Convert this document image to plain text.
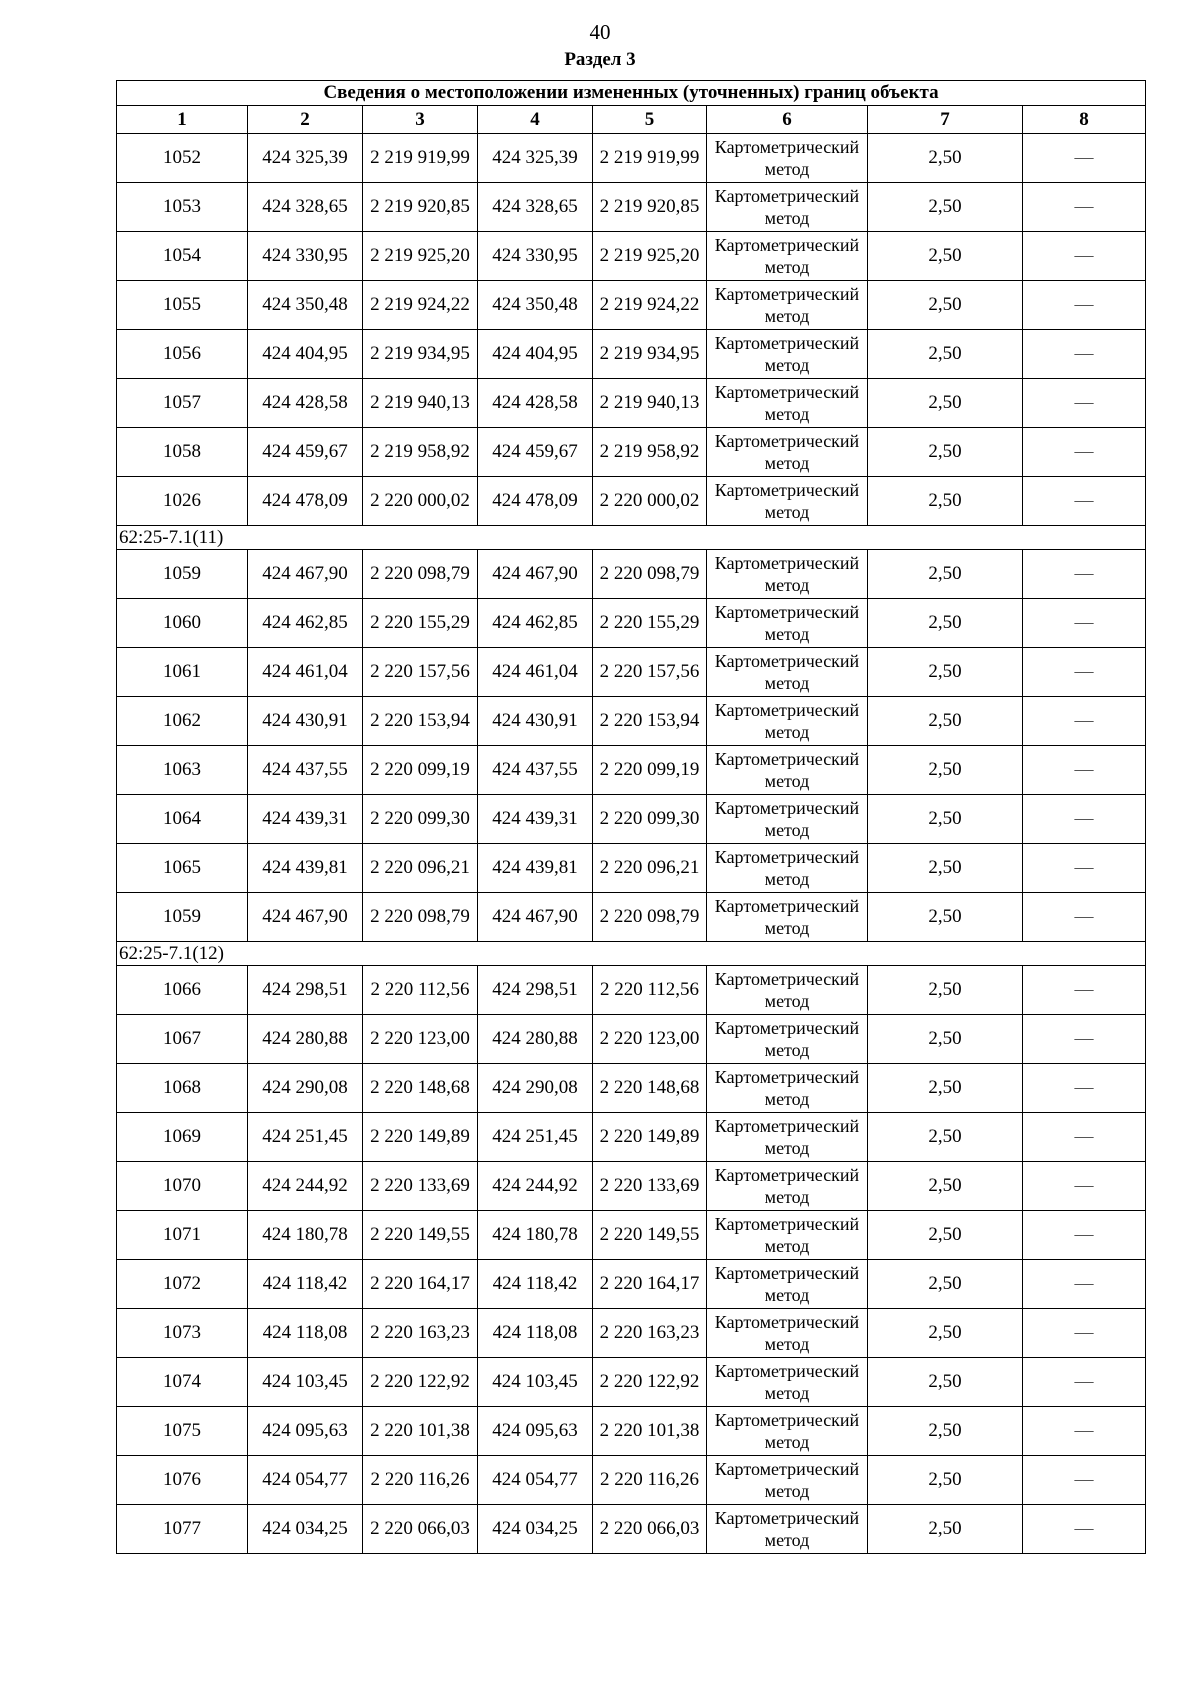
40
Раздел 3
Сведения о местоположении измененных (уточненных) границ объекта							
1	2	3	4	5	6	7	8
1052	424 325,39	2 219 919,99	424 325,39	2 219 919,99	Картометрический метод	2,50	—
1053	424 328,65	2 219 920,85	424 328,65	2 219 920,85	Картометрический метод	2,50	—
1054	424 330,95	2 219 925,20	424 330,95	2 219 925,20	Картометрический метод	2,50	—
1055	424 350,48	2 219 924,22	424 350,48	2 219 924,22	Картометрический метод	2,50	—
1056	424 404,95	2 219 934,95	424 404,95	2 219 934,95	Картометрический метод	2,50	—
1057	424 428,58	2 219 940,13	424 428,58	2 219 940,13	Картометрический метод	2,50	—
1058	424 459,67	2 219 958,92	424 459,67	2 219 958,92	Картометрический метод	2,50	—
1026	424 478,09	2 220 000,02	424 478,09	2 220 000,02	Картометрический метод	2,50	—
62:25-7.1(11)							
1059	424 467,90	2 220 098,79	424 467,90	2 220 098,79	Картометрический метод	2,50	—
1060	424 462,85	2 220 155,29	424 462,85	2 220 155,29	Картометрический метод	2,50	—
1061	424 461,04	2 220 157,56	424 461,04	2 220 157,56	Картометрический метод	2,50	—
1062	424 430,91	2 220 153,94	424 430,91	2 220 153,94	Картометрический метод	2,50	—
1063	424 437,55	2 220 099,19	424 437,55	2 220 099,19	Картометрический метод	2,50	—
1064	424 439,31	2 220 099,30	424 439,31	2 220 099,30	Картометрический метод	2,50	—
1065	424 439,81	2 220 096,21	424 439,81	2 220 096,21	Картометрический метод	2,50	—
1059	424 467,90	2 220 098,79	424 467,90	2 220 098,79	Картометрический метод	2,50	—
62:25-7.1(12)							
1066	424 298,51	2 220 112,56	424 298,51	2 220 112,56	Картометрический метод	2,50	—
1067	424 280,88	2 220 123,00	424 280,88	2 220 123,00	Картометрический метод	2,50	—
1068	424 290,08	2 220 148,68	424 290,08	2 220 148,68	Картометрический метод	2,50	—
1069	424 251,45	2 220 149,89	424 251,45	2 220 149,89	Картометрический метод	2,50	—
1070	424 244,92	2 220 133,69	424 244,92	2 220 133,69	Картометрический метод	2,50	—
1071	424 180,78	2 220 149,55	424 180,78	2 220 149,55	Картометрический метод	2,50	—
1072	424 118,42	2 220 164,17	424 118,42	2 220 164,17	Картометрический метод	2,50	—
1073	424 118,08	2 220 163,23	424 118,08	2 220 163,23	Картометрический метод	2,50	—
1074	424 103,45	2 220 122,92	424 103,45	2 220 122,92	Картометрический метод	2,50	—
1075	424 095,63	2 220 101,38	424 095,63	2 220 101,38	Картометрический метод	2,50	—
1076	424 054,77	2 220 116,26	424 054,77	2 220 116,26	Картометрический метод	2,50	—
1077	424 034,25	2 220 066,03	424 034,25	2 220 066,03	Картометрический метод	2,50	—
